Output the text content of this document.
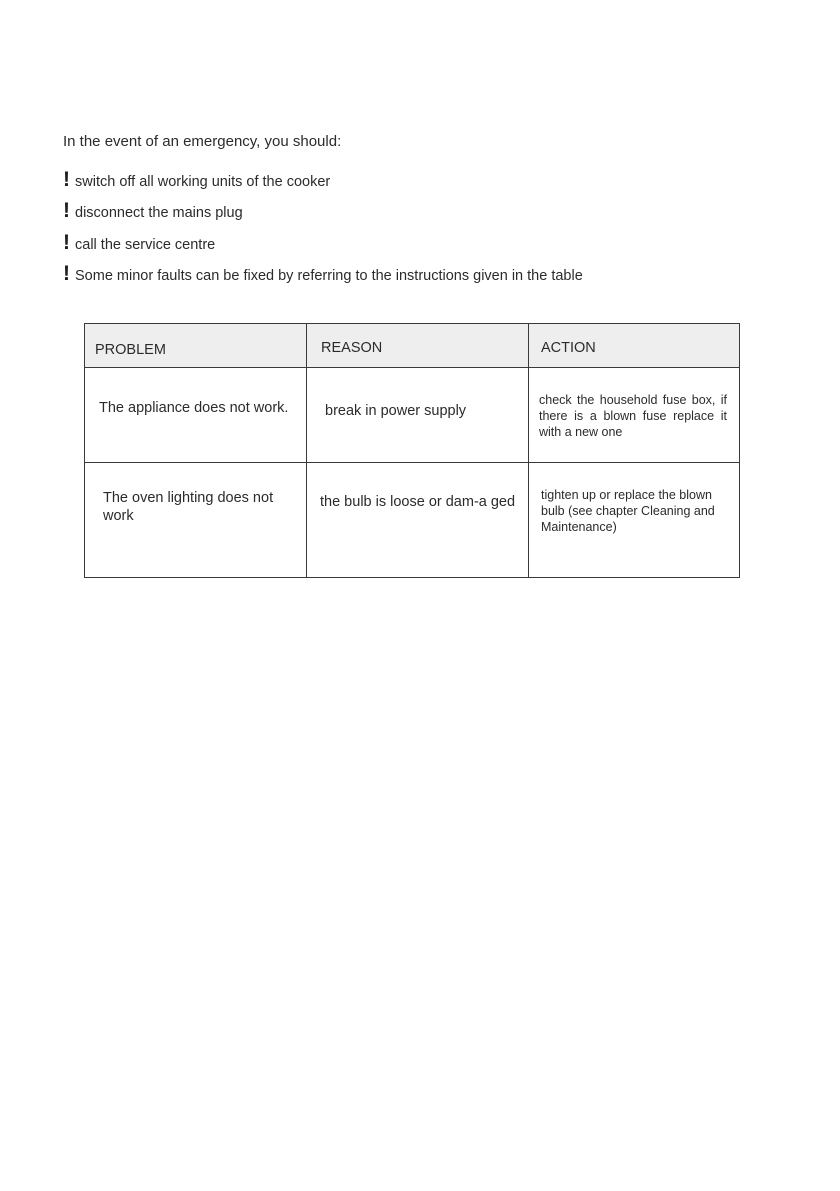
In the event of an emergency, you should:

! switch off all working units of the cooker
! disconnect the mains plug
! call the service centre
! Some minor faults can be fixed by referring to the instructions given in the table
PROBLEM	REASON	ACTION

The appliance does not work.	break in power supply	check the household fuse box, if there is a blown fuse replace it with a new one

The oven lighting does not work	the bulb is loose or dam-a ged	tighten up or replace the blown bulb (see chapter Cleaning and Maintenance)
